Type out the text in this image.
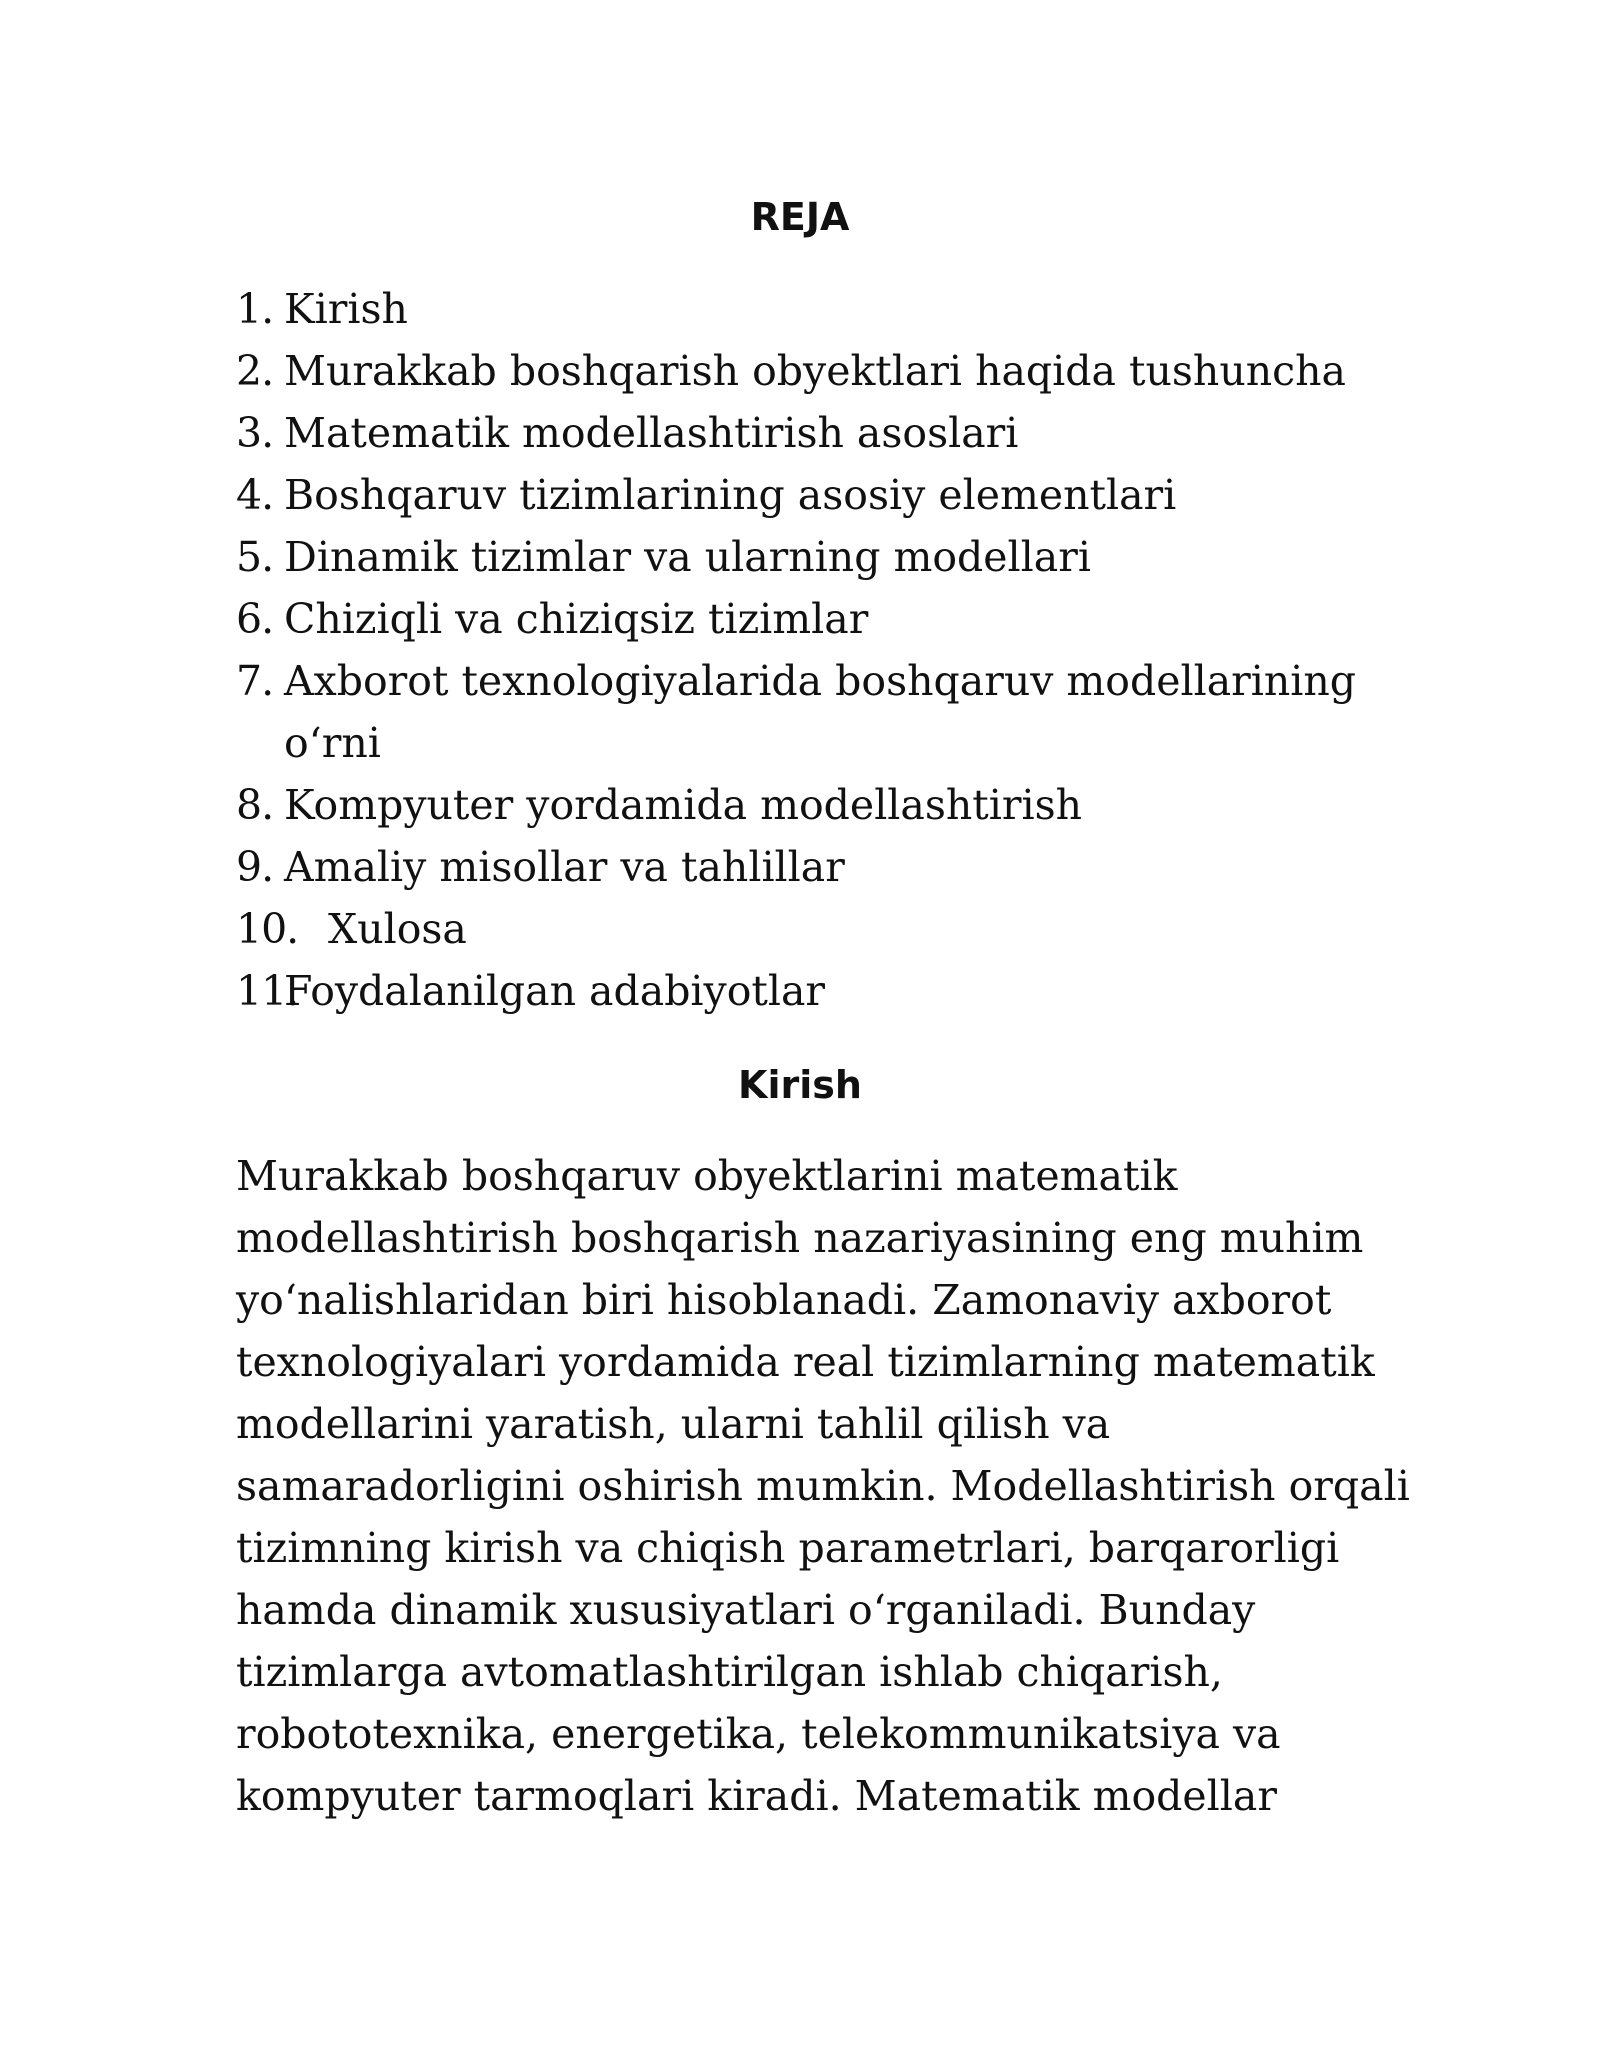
REJA
1. Kirish
2. Murakkab boshqarish obyektlari haqida tushuncha
3. Matematik modellashtirish asoslari
4. Boshqaruv tizimlarining asosiy elementlari
5. Dinamik tizimlar va ularning modellari
6. Chiziqli va chiziqsiz tizimlar
7. Axborot texnologiyalarida boshqaruv modellarining o‘rni
8. Kompyuter yordamida modellashtirish
9. Amaliy misollar va tahlillar
10. Xulosa
11.
Foydalanilgan adabiyotlar
Kirish

Murakkab boshqaruv obyektlarini matematik
modellashtirish boshqarish nazariyasining eng muhim
yo‘nalishlaridan biri hisoblanadi. Zamonaviy axborot
texnologiyalari yordamida real tizimlarning matematik
modellarini yaratish, ularni tahlil qilish va
samaradorligini oshirish mumkin. Modellashtirish orqali
tizimning kirish va chiqish parametrlari, barqarorligi
hamda dinamik xususiyatlari o‘rganiladi. Bunday
tizimlarga avtomatlashtirilgan ishlab chiqarish,
robototexnika, energetika, telekommunikatsiya va
kompyuter tarmoqlari kiradi. Matematik modellar
